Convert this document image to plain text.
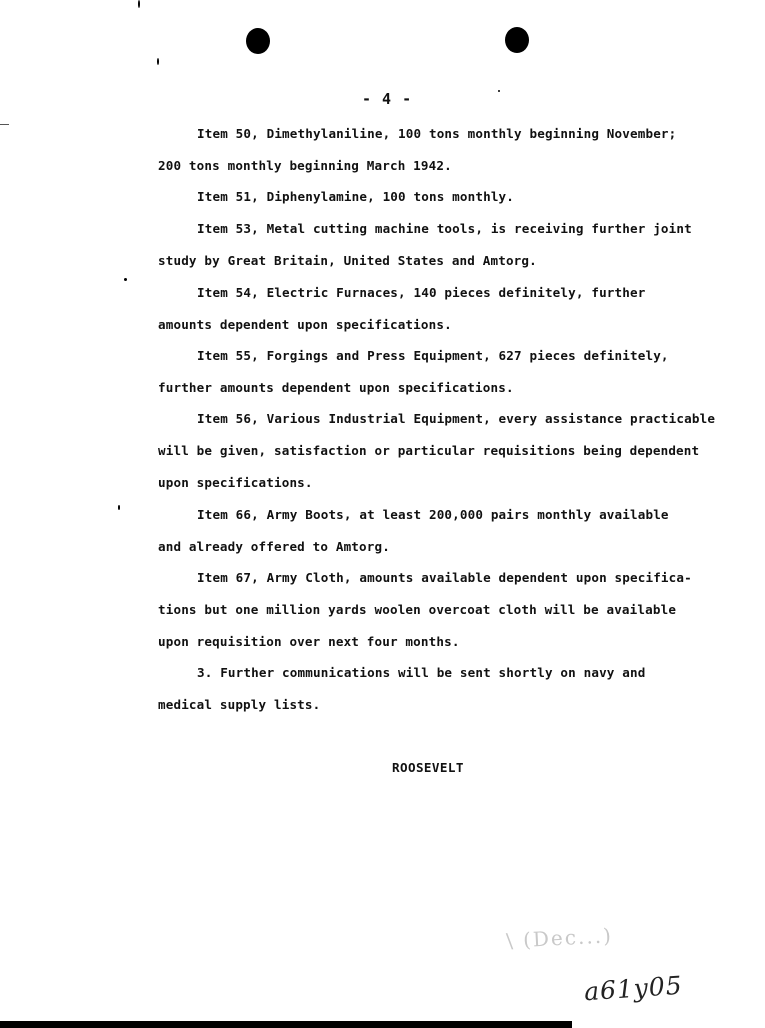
- 4 -
Item 50, Dimethylaniline, 100 tons monthly beginning November;
200 tons monthly beginning March 1942.
Item 51, Diphenylamine, 100 tons monthly.
Item 53, Metal cutting machine tools, is receiving further joint
study by Great Britain, United States and Amtorg.
Item 54, Electric Furnaces, 140 pieces definitely, further
amounts dependent upon specifications.
Item 55, Forgings and Press Equipment, 627 pieces definitely,
further amounts dependent upon specifications.
Item 56, Various Industrial Equipment, every assistance practicable
will be given, satisfaction or particular requisitions being dependent
upon specifications.
Item 66, Army Boots, at least 200,000 pairs monthly available
and already offered to Amtorg.
Item 67, Army Cloth, amounts available dependent upon specifica-
tions but one million yards woolen overcoat cloth will be available
upon requisition over next four months.
3. Further communications will be sent shortly on navy and
medical supply lists.
ROOSEVELT
\ (Dec...)
a61y05
